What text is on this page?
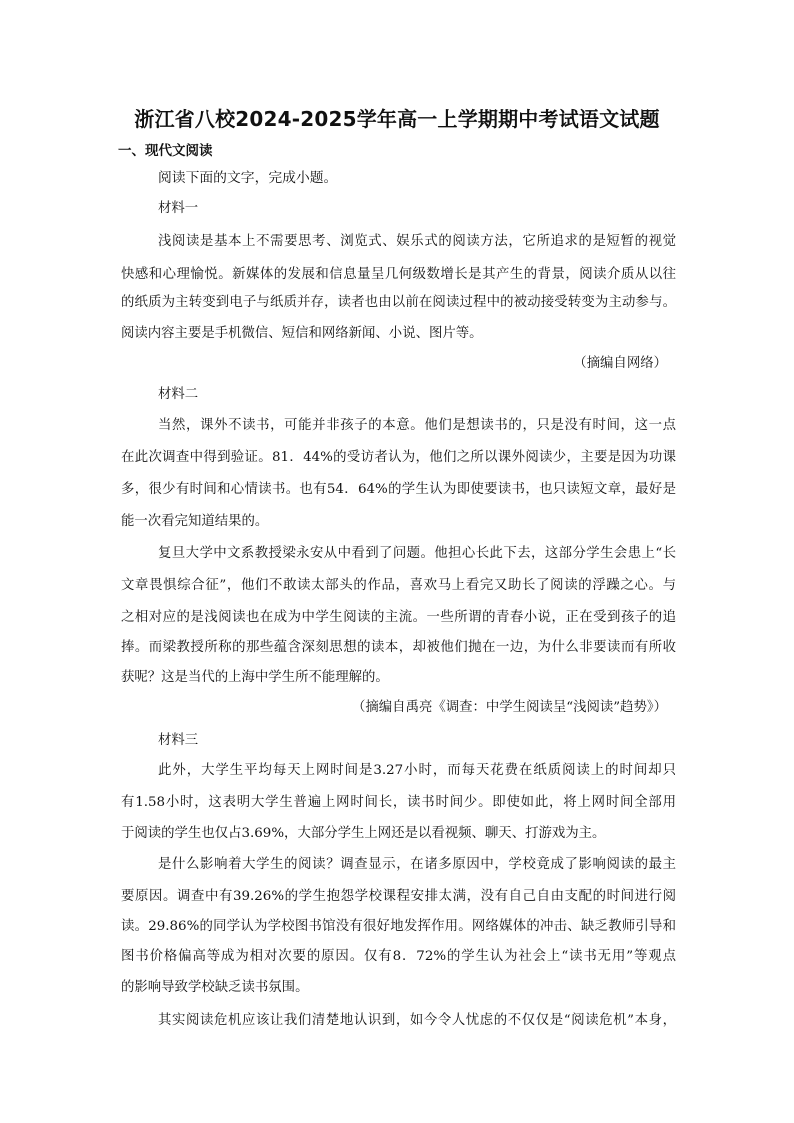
浙江省八校2024-2025学年高一上学期期中考试语文试题
一、现代文阅读
阅读下面的文字，完成小题。
材料一
浅阅读是基本上不需要思考、浏览式、娱乐式的阅读方法，它所追求的是短暂的视觉
快感和心理愉悦。新媒体的发展和信息量呈几何级数增长是其产生的背景，阅读介质从以往
的纸质为主转变到电子与纸质并存，读者也由以前在阅读过程中的被动接受转变为主动参与。
阅读内容主要是手机微信、短信和网络新闻、小说、图片等。
（摘编自网络）
材料二
当然，课外不读书，可能并非孩子的本意。他们是想读书的，只是没有时间，这一点
在此次调查中得到验证。81．44%的受访者认为，他们之所以课外阅读少，主要是因为功课
多，很少有时间和心情读书。也有54．64%的学生认为即使要读书，也只读短文章，最好是
能一次看完知道结果的。
复旦大学中文系教授梁永安从中看到了问题。他担心长此下去，这部分学生会患上“长
文章畏惧综合征”，他们不敢读太部头的作品，喜欢马上看完又助长了阅读的浮躁之心。与
之相对应的是浅阅读也在成为中学生阅读的主流。一些所谓的青春小说，正在受到孩子的追
捧。而梁教授所称的那些蕴含深刻思想的读本，却被他们抛在一边，为什么非要读而有所收
获呢？这是当代的上海中学生所不能理解的。
（摘编自禹亮《调查：中学生阅读呈“浅阅读”趋势》）
材料三
此外，大学生平均每天上网时间是3.27小时，而每天花费在纸质阅读上的时间却只
有1.58小时，这表明大学生普遍上网时间长，读书时间少。即使如此，将上网时间全部用
于阅读的学生也仅占3.69%，大部分学生上网还是以看视频、聊天、打游戏为主。
是什么影响着大学生的阅读？调查显示，在诸多原因中，学校竟成了影响阅读的最主
要原因。调查中有39.26%的学生抱怨学校课程安排太满，没有自己自由支配的时间进行阅
读。29.86%的同学认为学校图书馆没有很好地发挥作用。网络媒体的冲击、缺乏教师引导和
图书价格偏高等成为相对次要的原因。仅有8．72%的学生认为社会上“读书无用”等观点
的影响导致学校缺乏读书氛围。
其实阅读危机应该让我们清楚地认识到，如今令人忧虑的不仅仅是“阅读危机”本身，
